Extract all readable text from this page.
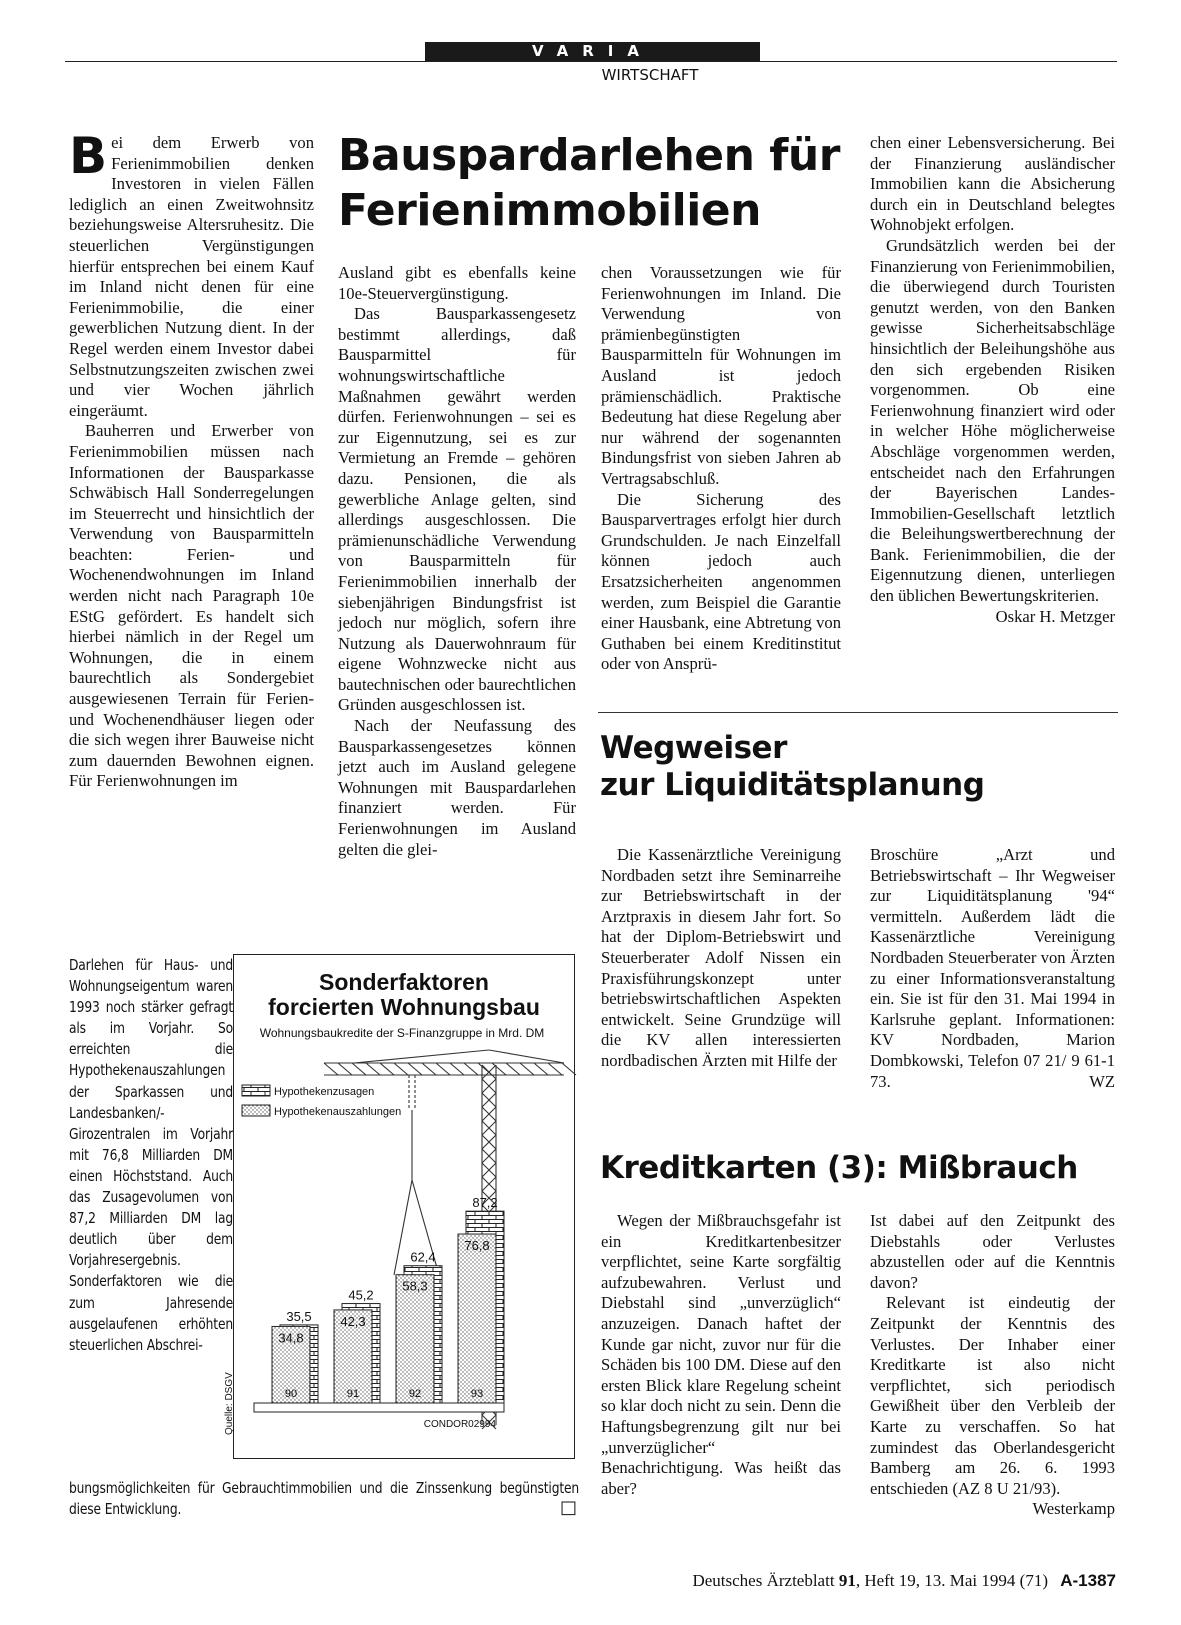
VARIA
WIRTSCHAFT
Bauspardarlehen für
Ferienimmobilien

Bei dem Erwerb von Ferienimmobilien denken Investoren in vielen Fällen lediglich an einen Zweitwohnsitz beziehungsweise Altersruhesitz. Die steuerlichen Vergünstigungen hierfür entsprechen bei einem Kauf im Inland nicht denen für eine Ferienimmobilie, die einer gewerblichen Nutzung dient. In der Regel werden einem Investor dabei Selbstnutzungszeiten zwischen zwei und vier Wochen jährlich eingeräumt.

Bauherren und Erwerber von Ferienimmobilien müssen nach Informationen der Bausparkasse Schwäbisch Hall Sonderregelungen im Steuerrecht und hinsichtlich der Verwendung von Bausparmitteln beachten: Ferien- und Wochenendwohnungen im Inland werden nicht nach Paragraph 10e EStG gefördert. Es handelt sich hierbei nämlich in der Regel um Wohnungen, die in einem baurechtlich als Sondergebiet ausgewiesenen Terrain für Ferien- und Wochenendhäuser liegen oder die sich wegen ihrer Bauweise nicht zum dauernden Bewohnen eignen. Für Ferienwohnungen im

Ausland gibt es ebenfalls keine 10e-Steuervergünstigung.

Das Bausparkassengesetz bestimmt allerdings, daß Bausparmittel für wohnungswirtschaftliche Maßnahmen gewährt werden dürfen. Ferienwohnungen – sei es zur Eigennutzung, sei es zur Vermietung an Fremde – gehören dazu. Pensionen, die als gewerbliche Anlage gelten, sind allerdings ausgeschlossen. Die prämienunschädliche Verwendung von Bausparmitteln für Ferienimmobilien innerhalb der siebenjährigen Bindungsfrist ist jedoch nur möglich, sofern ihre Nutzung als Dauerwohnraum für eigene Wohnzwecke nicht aus bautechnischen oder baurechtlichen Gründen ausgeschlossen ist.

Nach der Neufassung des Bausparkassengesetzes können jetzt auch im Ausland gelegene Wohnungen mit Bauspardarlehen finanziert werden. Für Ferienwohnungen im Ausland gelten die glei-

chen Voraussetzungen wie für Ferienwohnungen im Inland. Die Verwendung von prämienbegünstigten Bausparmitteln für Wohnungen im Ausland ist jedoch prämienschädlich. Praktische Bedeutung hat diese Regelung aber nur während der sogenannten Bindungsfrist von sieben Jahren ab Vertragsabschluß.

Die Sicherung des Bausparvertrages erfolgt hier durch Grundschulden. Je nach Einzelfall können jedoch auch Ersatzsicherheiten angenommen werden, zum Beispiel die Garantie einer Hausbank, eine Abtretung von Guthaben bei einem Kreditinstitut oder von Ansprü-

chen einer Lebensversicherung. Bei der Finanzierung ausländischer Immobilien kann die Absicherung durch ein in Deutschland belegtes Wohnobjekt erfolgen.

Grundsätzlich werden bei der Finanzierung von Ferienimmobilien, die überwiegend durch Touristen genutzt werden, von den Banken gewisse Sicherheitsabschläge hinsichtlich der Beleihungshöhe aus den sich ergebenden Risiken vorgenommen. Ob eine Ferienwohnung finanziert wird oder in welcher Höhe möglicherweise Abschläge vorgenommen werden, entscheidet nach den Erfahrungen der Bayerischen Landes-Immobilien-Gesellschaft letztlich die Beleihungswertberechnung der Bank. Ferienimmobilien, die der Eigennutzung dienen, unterliegen den üblichen Bewertungskriterien.
Oskar H. Metzger

Darlehen für Haus- und Wohnungseigentum waren 1993 noch stärker gefragt als im Vorjahr. So erreichten die Hypothekenauszahlungen der Sparkassen und Landesbanken/-Girozentralen im Vorjahr mit 76,8 Milliarden DM einen Höchststand. Auch das Zusagevolumen von 87,2 Milliarden DM lag deutlich über dem Vorjahresergebnis. Sonderfaktoren wie die zum Jahresende ausgelaufenen erhöhten steuerlichen Abschrei-

bungsmöglichkeiten für Gebrauchtimmobilien und die Zinssenkung begünstigten diese Entwicklung.	□
Sonderfaktoren
forcierten Wohnungsbau
Wohnungsbaukredite der S-Finanzgruppe in Mrd. DM
35,5
34,8
90
45,2
42,3
91
62,4
58,3
92
87,2
76,8
93
CONDOR02994
Hypothekenzusagen
Hypothekenauszahlungen
Quelle: DSGV
Wegweiser
zur Liquiditätsplanung

Die Kassenärztliche Vereinigung Nordbaden setzt ihre Seminarreihe zur Betriebswirtschaft in der Arztpraxis in diesem Jahr fort. So hat der Diplom-Betriebswirt und Steuerberater Adolf Nissen ein Praxisführungskonzept unter betriebswirtschaftlichen Aspekten entwickelt. Seine Grundzüge will die KV allen interessierten nordbadischen Ärzten mit Hilfe der

Broschüre „Arzt und Betriebswirtschaft – Ihr Wegweiser zur Liquiditätsplanung '94“ vermitteln. Außerdem lädt die Kassenärztliche Vereinigung Nordbaden Steuerberater von Ärzten zu einer Informationsveranstaltung ein. Sie ist für den 31. Mai 1994 in Karlsruhe geplant. Informationen: KV Nordbaden, Marion Dombkowski, Telefon 07 21/ 9 61-1 73.	WZ

Kreditkarten (3): Mißbrauch

Wegen der Mißbrauchsgefahr ist ein Kreditkartenbesitzer verpflichtet, seine Karte sorgfältig aufzubewahren. Verlust und Diebstahl sind „unverzüglich“ anzuzeigen. Danach haftet der Kunde gar nicht, zuvor nur für die Schäden bis 100 DM. Diese auf den ersten Blick klare Regelung scheint so klar doch nicht zu sein. Denn die Haftungsbegrenzung gilt nur bei „unverzüglicher“ Benachrichtigung. Was heißt das aber?

Ist dabei auf den Zeitpunkt des Diebstahls oder Verlustes abzustellen oder auf die Kenntnis davon?

Relevant ist eindeutig der Zeitpunkt der Kenntnis des Verlustes. Der Inhaber einer Kreditkarte ist also nicht verpflichtet, sich periodisch Gewißheit über den Verbleib der Karte zu verschaffen. So hat zumindest das Oberlandesgericht Bamberg am 26. 6. 1993 entschieden (AZ 8 U 21/93).
Westerkamp

Deutsches Ärzteblatt 91, Heft 19, 13. Mai 1994 (71) A-1387
